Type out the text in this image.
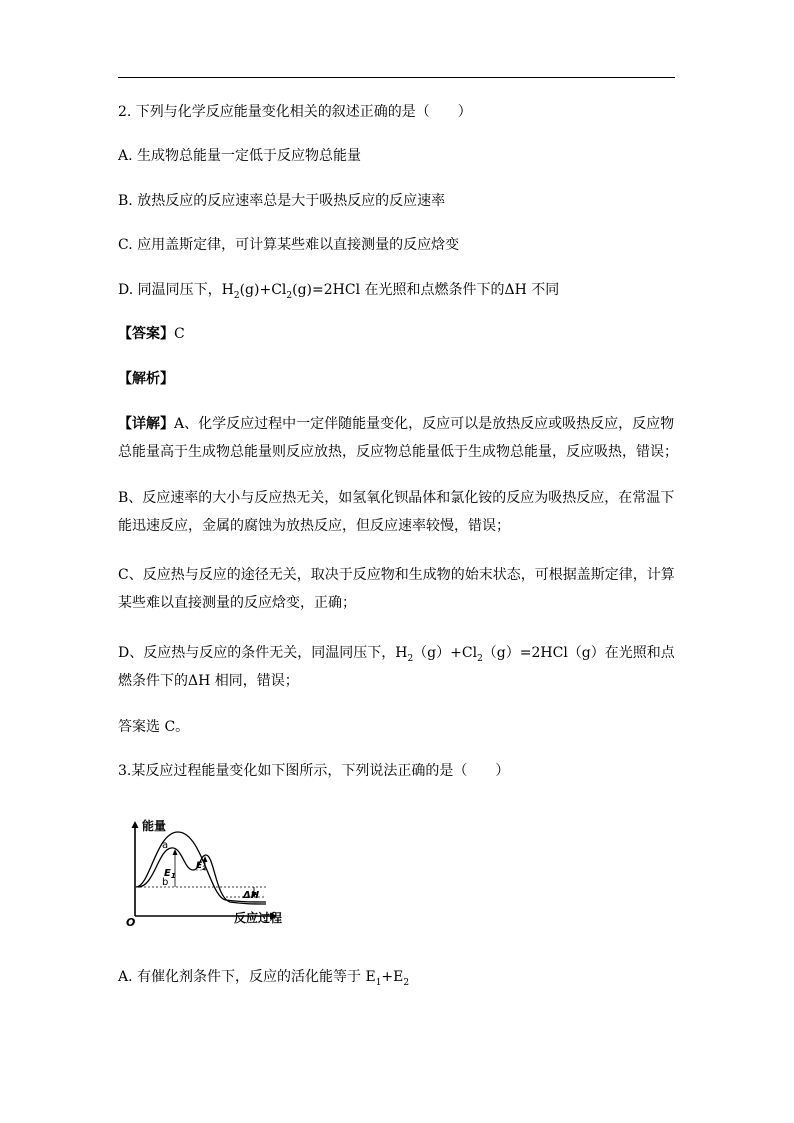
2. 下列与化学反应能量变化相关的叙述正确的是（　　）
A. 生成物总能量一定低于反应物总能量
B. 放热反应的反应速率总是大于吸热反应的反应速率
C. 应用盖斯定律，可计算某些难以直接测量的反应焓变
D. 同温同压下，$H_2(g)+Cl_2(g)=2HCl$ 在光照和点燃条件下的ΔH 不同
【答案】C
【解析】
【详解】A、化学反应过程中一定伴随能量变化，反应可以是放热反应或吸热反应，反应物总能量高于生成物总能量则反应放热，反应物总能量低于生成物总能量，反应吸热，错误；
B、反应速率的大小与反应热无关，如氢氧化钡晶体和氯化铵的反应为吸热反应，在常温下能迅速反应，金属的腐蚀为放热反应，但反应速率较慢，错误；
C、反应热与反应的途径无关，取决于反应物和生成物的始末状态，可根据盖斯定律，计算某些难以直接测量的反应焓变，正确；
D、反应热与反应的条件无关，同温同压下，$H_2(g)+Cl_2(g)=2HCl(g)$在光照和点燃条件下的ΔH 相同，错误；
答案选 C。
3.某反应过程能量变化如下图所示，下列说法正确的是（　　）
能量
反应过程
O
a
b
$E_1$
$E_2$
ΔH
A. 有催化剂条件下，反应的活化能等于 $E_1+E_2$
